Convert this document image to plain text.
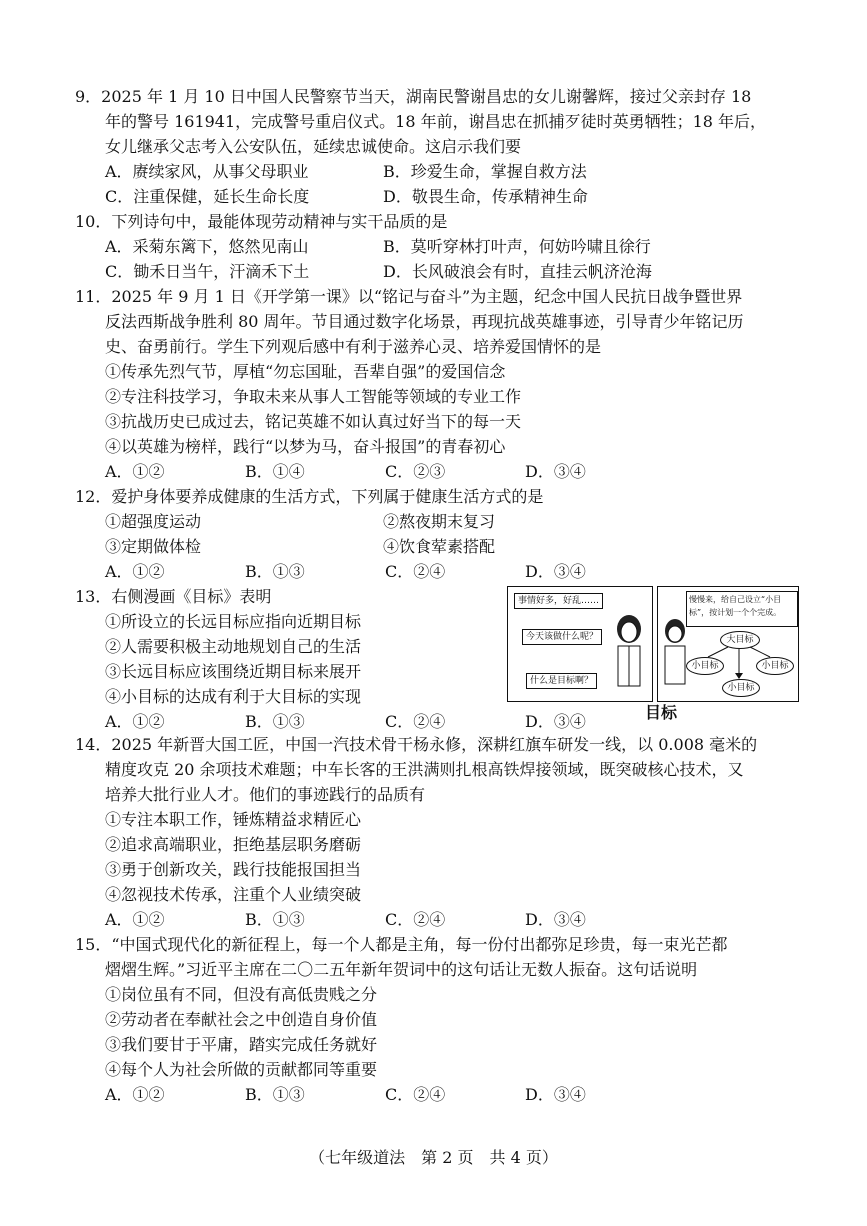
9．2025 年 1 月 10 日中国人民警察节当天，湖南民警谢昌忠的女儿谢馨辉，接过父亲封存 18
年的警号 161941，完成警号重启仪式。18 年前，谢昌忠在抓捕歹徒时英勇牺牲；18 年后，
女儿继承父志考入公安队伍，延续忠诚使命。这启示我们要
A．赓续家风，从事父母职业	B．珍爱生命，掌握自救方法
C．注重保健，延长生命长度	D．敬畏生命，传承精神生命
10．下列诗句中，最能体现劳动精神与实干品质的是
A．采菊东篱下，悠然见南山	B．莫听穿林打叶声，何妨吟啸且徐行
C．锄禾日当午，汗滴禾下土	D．长风破浪会有时，直挂云帆济沧海
11．2025 年 9 月 1 日《开学第一课》以“铭记与奋斗”为主题，纪念中国人民抗日战争暨世界
反法西斯战争胜利 80 周年。节目通过数字化场景，再现抗战英雄事迹，引导青少年铭记历
史、奋勇前行。学生下列观后感中有利于滋养心灵、培养爱国情怀的是
①传承先烈气节，厚植“勿忘国耻，吾辈自强”的爱国信念
②专注科技学习，争取未来从事人工智能等领域的专业工作
③抗战历史已成过去，铭记英雄不如认真过好当下的每一天
④以英雄为榜样，践行“以梦为马，奋斗报国”的青春初心
A．①②	B．①④	C．②③	D．③④
12．爱护身体要养成健康的生活方式，下列属于健康生活方式的是
①超强度运动	②熬夜期末复习
③定期做体检	④饮食荤素搭配
A．①②	B．①③	C．②④	D．③④
13．右侧漫画《目标》表明
①所设立的长远目标应指向近期目标
②人需要积极主动地规划自己的生活
③长远目标应该围绕近期目标来展开
④小目标的达成有利于大目标的实现
A．①②	B．①③	C．②④	D．③④
事情好多，好乱……
今天该做什么呢？
什么是目标啊？
慢慢来，给自己设立“小目
标”，按计划一个个完成。
大目标
小目标	小目标
小目标
目标
14．2025 年新晋大国工匠，中国一汽技术骨干杨永修，深耕红旗车研发一线，以 0.008 毫米的
精度攻克 20 余项技术难题；中车长客的王洪满则扎根高铁焊接领域，既突破核心技术，又
培养大批行业人才。他们的事迹践行的品质有
①专注本职工作，锤炼精益求精匠心
②追求高端职业，拒绝基层职务磨砺
③勇于创新攻关，践行技能报国担当
④忽视技术传承，注重个人业绩突破
A．①②	B．①③	C．②④	D．③④
15．“中国式现代化的新征程上，每一个人都是主角，每一份付出都弥足珍贵，每一束光芒都
熠熠生辉。”习近平主席在二〇二五年新年贺词中的这句话让无数人振奋。这句话说明
①岗位虽有不同，但没有高低贵贱之分
②劳动者在奉献社会之中创造自身价值
③我们要甘于平庸，踏实完成任务就好
④每个人为社会所做的贡献都同等重要
A．①②	B．①③	C．②④	D．③④
（七年级道法　第 2 页　共 4 页）
